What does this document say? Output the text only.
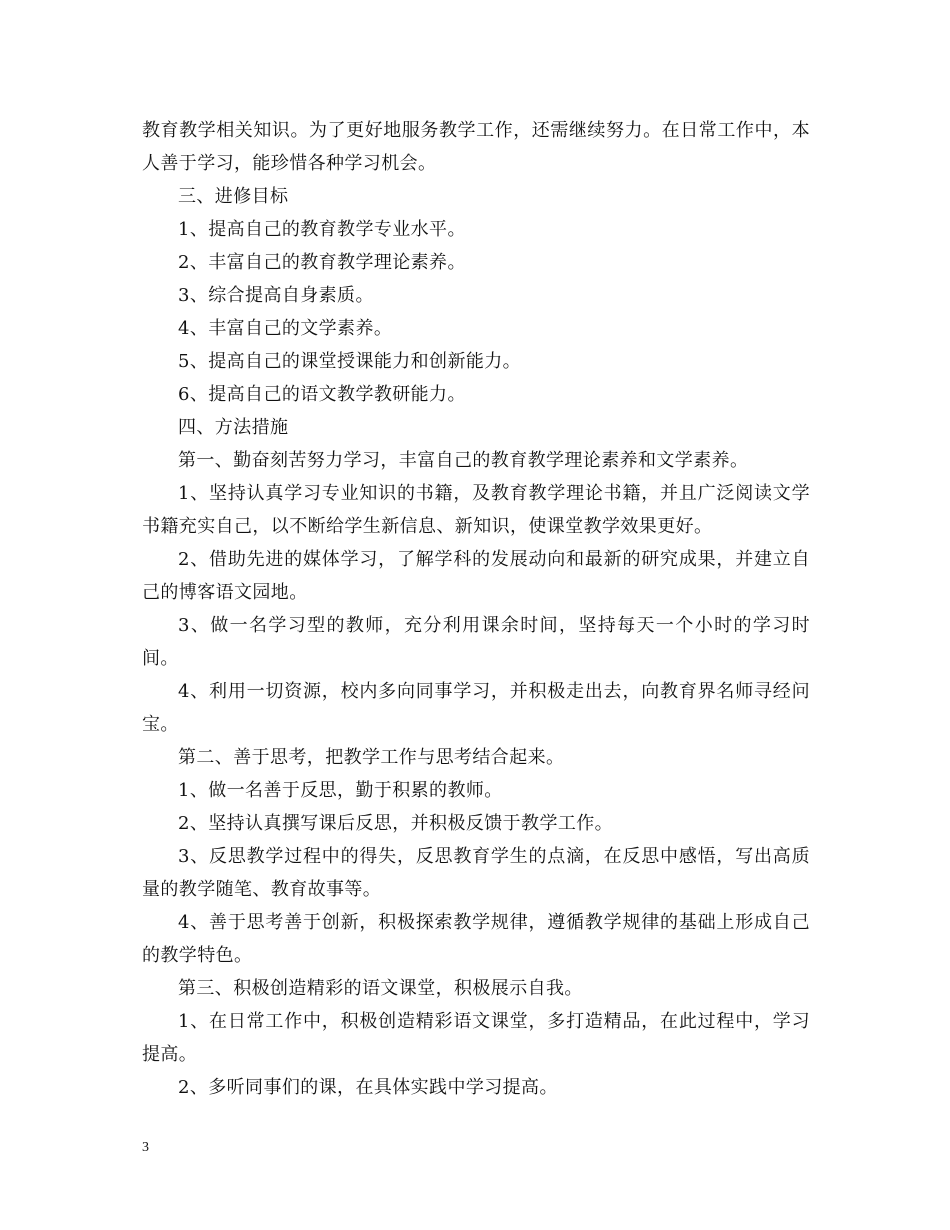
教育教学相关知识。为了更好地服务教学工作，还需继续努力。在日常工作中，本人善于学习，能珍惜各种学习机会。

三、进修目标

1、提高自己的教育教学专业水平。

2、丰富自己的教育教学理论素养。

3、综合提高自身素质。

4、丰富自己的文学素养。

5、提高自己的课堂授课能力和创新能力。

6、提高自己的语文教学教研能力。

四、方法措施

第一、勤奋刻苦努力学习，丰富自己的教育教学理论素养和文学素养。

1、坚持认真学习专业知识的书籍，及教育教学理论书籍，并且广泛阅读文学书籍充实自己，以不断给学生新信息、新知识，使课堂教学效果更好。

2、借助先进的媒体学习，了解学科的发展动向和最新的研究成果，并建立自己的博客语文园地。

3、做一名学习型的教师，充分利用课余时间，坚持每天一个小时的学习时间。

4、利用一切资源，校内多向同事学习，并积极走出去，向教育界名师寻经问宝。

第二、善于思考，把教学工作与思考结合起来。

1、做一名善于反思，勤于积累的教师。

2、坚持认真撰写课后反思，并积极反馈于教学工作。

3、反思教学过程中的得失，反思教育学生的点滴，在反思中感悟，写出高质量的教学随笔、教育故事等。

4、善于思考善于创新，积极探索教学规律，遵循教学规律的基础上形成自己的教学特色。

第三、积极创造精彩的语文课堂，积极展示自我。

1、在日常工作中，积极创造精彩语文课堂，多打造精品，在此过程中，学习提高。

2、多听同事们的课，在具体实践中学习提高。

3
